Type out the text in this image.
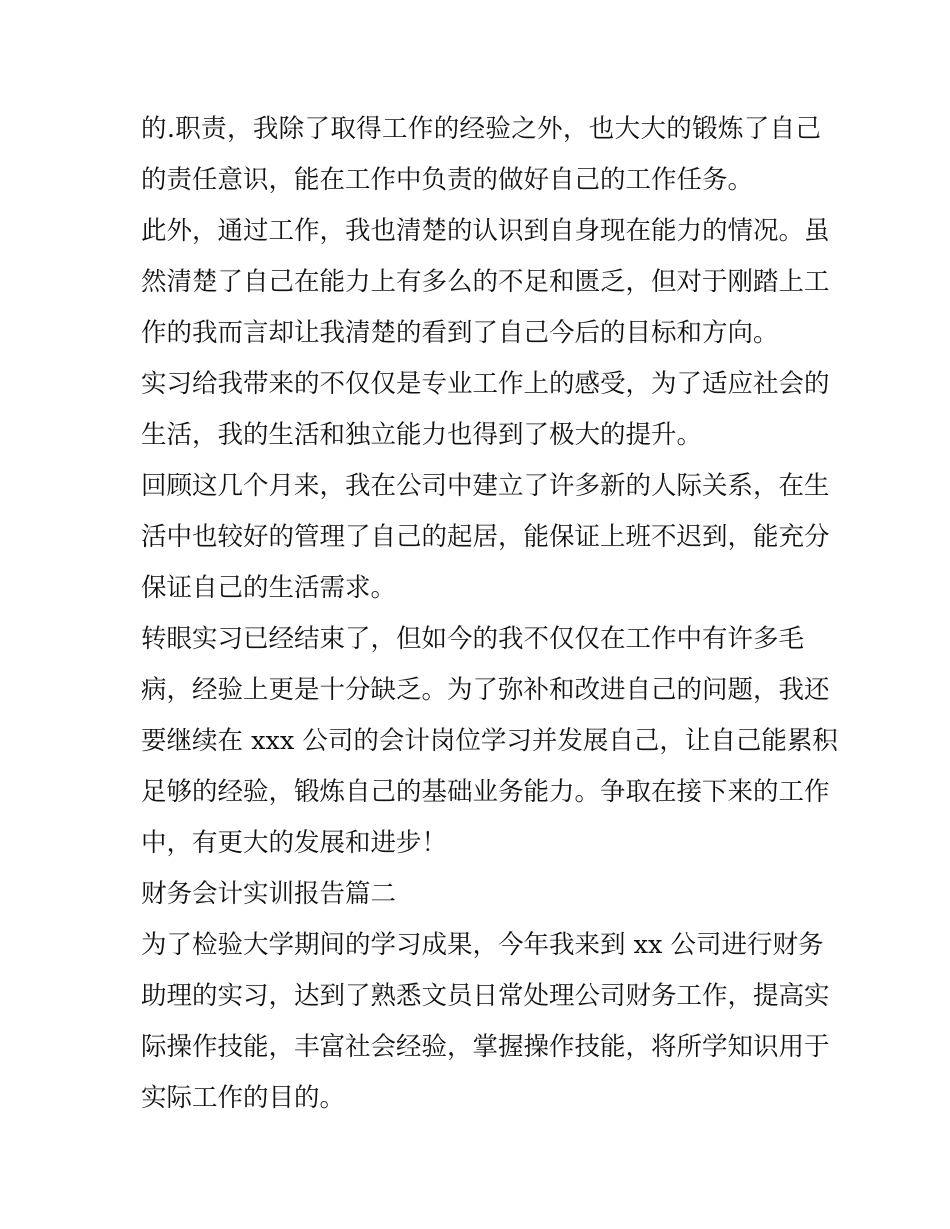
的.职责，我除了取得工作的经验之外，也大大的锻炼了自己
的责任意识，能在工作中负责的做好自己的工作任务。
此外，通过工作，我也清楚的认识到自身现在能力的情况。虽
然清楚了自己在能力上有多么的不足和匮乏，但对于刚踏上工
作的我而言却让我清楚的看到了自己今后的目标和方向。
实习给我带来的不仅仅是专业工作上的感受，为了适应社会的
生活，我的生活和独立能力也得到了极大的提升。
回顾这几个月来，我在公司中建立了许多新的人际关系，在生
活中也较好的管理了自己的起居，能保证上班不迟到，能充分
保证自己的生活需求。
转眼实习已经结束了，但如今的我不仅仅在工作中有许多毛
病，经验上更是十分缺乏。为了弥补和改进自己的问题，我还
要继续在 xxx 公司的会计岗位学习并发展自己，让自己能累积
足够的经验，锻炼自己的基础业务能力。争取在接下来的工作
中，有更大的发展和进步！
财务会计实训报告篇二
为了检验大学期间的学习成果，今年我来到 xx 公司进行财务
助理的实习，达到了熟悉文员日常处理公司财务工作，提高实
际操作技能，丰富社会经验，掌握操作技能，将所学知识用于
实际工作的目的。
